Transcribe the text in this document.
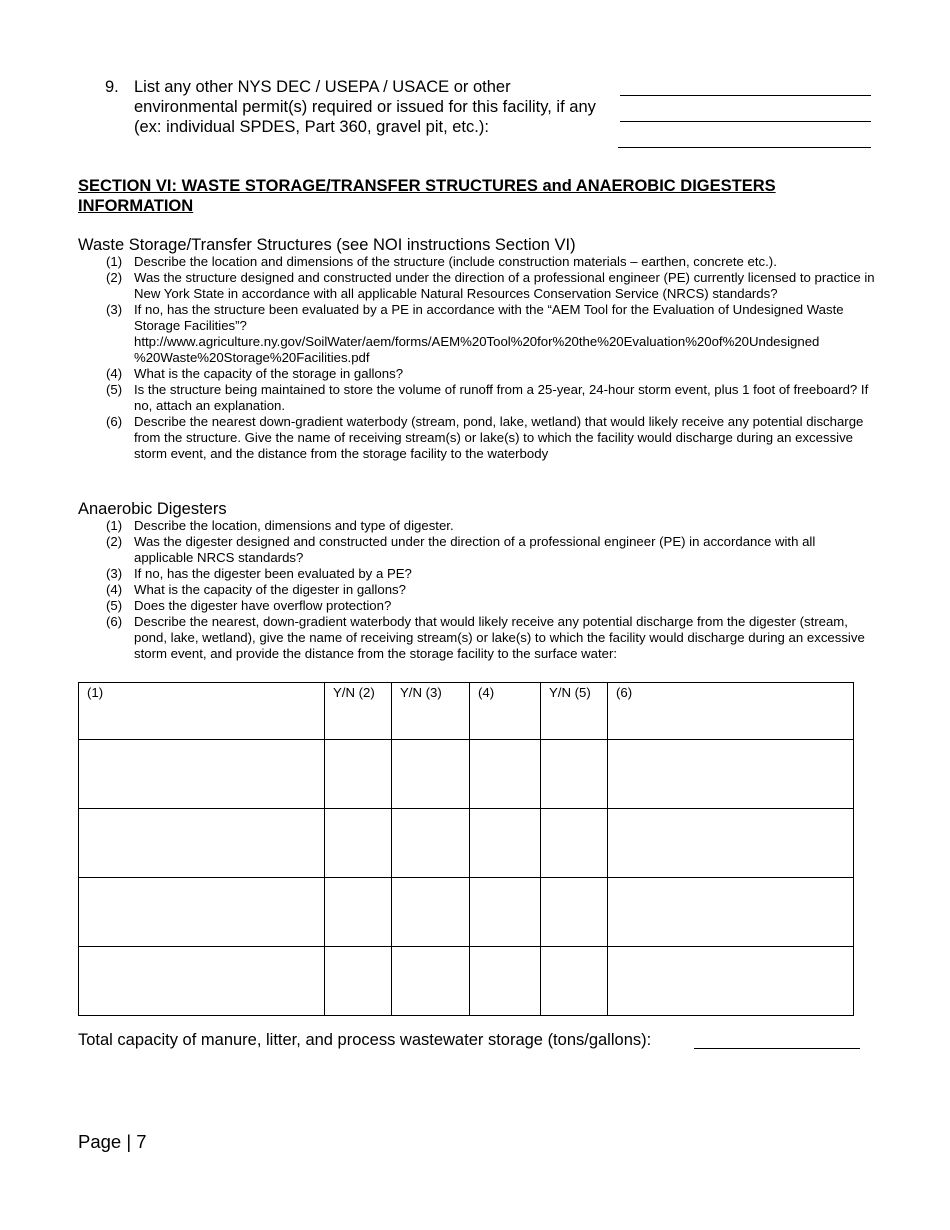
9. List any other NYS DEC / USEPA / USACE or other environmental permit(s) required or issued for this facility, if any (ex: individual SPDES, Part 360, gravel pit, etc.):
SECTION VI: WASTE STORAGE/TRANSFER STRUCTURES and ANAEROBIC DIGESTERS INFORMATION
Waste Storage/Transfer Structures (see NOI instructions Section VI)
(1) Describe the location and dimensions of the structure (include construction materials – earthen, concrete etc.).
(2) Was the structure designed and constructed under the direction of a professional engineer (PE) currently licensed to practice in New York State in accordance with all applicable Natural Resources Conservation Service (NRCS) standards?
(3) If no, has the structure been evaluated by a PE in accordance with the “AEM Tool for the Evaluation of Undesigned Waste Storage Facilities”?
http://www.agriculture.ny.gov/SoilWater/aem/forms/AEM%20Tool%20for%20the%20Evaluation%20of%20Undesigned
%20Waste%20Storage%20Facilities.pdf
(4) What is the capacity of the storage in gallons?
(5) Is the structure being maintained to store the volume of runoff from a 25-year, 24-hour storm event, plus 1 foot of freeboard? If no, attach an explanation.
(6) Describe the nearest down-gradient waterbody (stream, pond, lake, wetland) that would likely receive any potential discharge from the structure. Give the name of receiving stream(s) or lake(s) to which the facility would discharge during an excessive storm event, and the distance from the storage facility to the waterbody
Anaerobic Digesters
(1) Describe the location, dimensions and type of digester.
(2) Was the digester designed and constructed under the direction of a professional engineer (PE) in accordance with all applicable NRCS standards?
(3) If no, has the digester been evaluated by a PE?
(4) What is the capacity of the digester in gallons?
(5) Does the digester have overflow protection?
(6) Describe the nearest, down-gradient waterbody that would likely receive any potential discharge from the digester (stream, pond, lake, wetland), give the name of receiving stream(s) or lake(s) to which the facility would discharge during an excessive storm event, and provide the distance from the storage facility to the surface water:
(1)	Y/N (2)	Y/N (3)	(4)	Y/N (5)	(6)

Total capacity of manure, litter, and process wastewater storage (tons/gallons):
Page | 7
